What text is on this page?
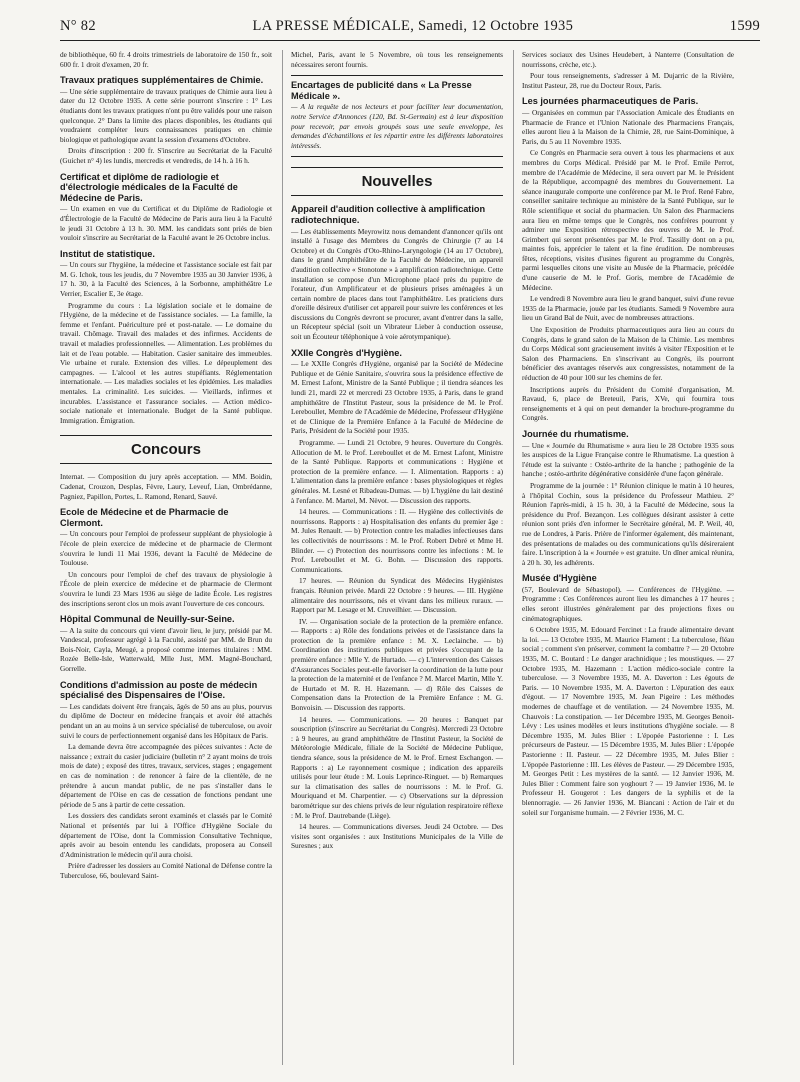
N° 82	LA PRESSE MÉDICALE, Samedi, 12 Octobre 1935	1599

de bibliothèque, 60 fr. 4 droits trimestriels de laboratoire de 150 fr., soit 600 fr. 1 droit d'examen, 20 fr.

Travaux pratiques supplémentaires de Chimie.

— Une série supplémentaire de travaux pratiques de Chimie aura lieu à dater du 12 Octobre 1935. A cette série pourront s'inscrire : 1° Les étudiants dont les travaux pratiques n'ont pu être validés pour une raison quelconque. 2° Dans la limite des places disponibles, les étudiants qui voudraient compléter leurs connaissances pratiques en chimie biologique et pathologique avant la session d'examens d'Octobre.

Droits d'inscription : 200 fr. S'inscrire au Secrétariat de la Faculté (Guichet n° 4) les lundis, mercredis et vendredis, de 14 h. à 16 h.

Certificat et diplôme de radiologie et d'électrologie médicales de la Faculté de Médecine de Paris.

— Un examen en vue du Certificat et du Diplôme de Radiologie et d'Électrologie de la Faculté de Médecine de Paris aura lieu à la Faculté le jeudi 31 Octobre à 13 h. 30. MM. les candidats sont priés de bien vouloir s'inscrire au Secrétariat de la Faculté avant le 26 Octobre inclus.

Institut de statistique.

— Un cours sur l'hygiène, la médecine et l'assistance sociale est fait par M. G. Ichok, tous les jeudis, du 7 Novembre 1935 au 30 Janvier 1936, à 17 h. 30, à la Faculté des Sciences, à la Sorbonne, amphithéâtre Le Verrier, Escalier E, 3e étage.

Programme du cours : La législation sociale et le domaine de l'Hygiène, de la médecine et de l'assistance sociales. — La famille, la femme et l'enfant. Puériculture pré et post-natale. — Le domaine du travail. Chômage. Travail des malades et des infirmes. Accidents de travail et maladies professionnelles. — Alimentation. Les problèmes du lait et de l'eau potable. — Habitation. Casier sanitaire des immeubles. Vie urbaine et rurale. Extension des villes. Le dépeuplement des campagnes. — L'alcool et les autres stupéfiants. Réglementation internationale. — Les maladies sociales et les épidémies. Les maladies mentales. La criminalité. Les suicides. — Vieillards, infirmes et incurables. L'assistance et l'assurance sociales. — Action médico-sociale nationale et internationale. Budget de la Santé publique. Immigration. Émigration.

Concours

Internat. — Composition du jury après acceptation. — MM. Boidin, Cadenat, Crouzon, Desplas, Fèvre, Laury, Leveuf, Lian, Ombrédanne, Pagniez, Papillon, Portes, L. Ramond, Renard, Sauvé.

Ecole de Médecine et de Pharmacie de Clermont.

— Un concours pour l'emploi de professeur suppléant de physiologie à l'école de plein exercice de médecine et de pharmacie de Clermont s'ouvrira le lundi 11 Mai 1936, devant la Faculté de Médecine de Toulouse.

Un concours pour l'emploi de chef des travaux de physiologie à l'École de plein exercice de médecine et de pharmacie de Clermont s'ouvrira le lundi 23 Mars 1936 au siège de ladite École. Les registres des inscriptions seront clos un mois avant l'ouverture de ces concours.

Hôpital Communal de Neuilly-sur-Seine.

— A la suite du concours qui vient d'avoir lieu, le jury, présidé par M. Vandescal, professeur agrégé à la Faculté, assisté par MM. de Brun du Bois-Noir, Cayla, Meugé, a proposé comme internes titulaires : MM. Rozée Belle-Isle, Watterwald, Mlle Just, MM. Magné-Bouchard, Gorrelle.

Conditions d'admission au poste de médecin spécialisé des Dispensaires de l'Oise.

— Les candidats doivent être français, âgés de 50 ans au plus, pourvus du diplôme de Docteur en médecine français et avoir été attachés pendant un an au moins à un service spécialisé de tuberculose, ou avoir suivi le cours de perfectionnement organisé dans les Hôpitaux de Paris.

La demande devra être accompagnée des pièces suivantes : Acte de naissance ; extrait du casier judiciaire (bulletin n° 2 ayant moins de trois mois de date) ; exposé des titres, travaux, services, stages ; engagement en cas de nomination : de renoncer à faire de la clientèle, de ne prétendre à aucun mandat public, de ne pas s'installer dans le département de l'Oise en cas de cessation de fonctions pendant une période de 5 ans à partir de cette cessation.

Les dossiers des candidats seront examinés et classés par le Comité National et présentés par lui à l'Office d'Hygiène Sociale du département de l'Oise, dont la Commission Consultative Technique, après avoir au besoin entendu les candidats, proposera au Conseil d'Administration le médecin qu'il aura choisi.

Prière d'adresser les dossiers au Comité National de Défense contre la Tuberculose, 66, boulevard Saint-

Michel, Paris, avant le 5 Novembre, où tous les renseignements nécessaires seront fournis.

Encartages de publicité dans « La Presse Médicale ».

— A la requête de nos lecteurs et pour faciliter leur documentation, notre Service d'Annonces (120, Bd. St-Germain) est à leur disposition pour recevoir, par envois groupés sous une seule enveloppe, les demandes d'échantillons et les répartir entre les différents laboratoires intéressés.

Nouvelles
Appareil d'audition collective à amplification radiotechnique.

— Les établissements Meyrowitz nous demandent d'annoncer qu'ils ont installé à l'usage des Membres du Congrès de Chirurgie (7 au 14 Octobre) et du Congrès d'Oto-Rhino-Laryngologie (14 au 17 Octobre), dans le grand Amphithéâtre de la Faculté de Médecine, un appareil d'audition collective « Stonotone » à amplification radiotechnique. Cette installation se compose d'un Microphone placé près du pupitre de l'orateur, d'un Amplificateur et de plusieurs prises aménagées à un certain nombre de places dans tout l'amphithéâtre. Les praticiens durs d'oreille désireux d'utiliser cet appareil pour suivre les conférences et les discussions du Congrès devront se procurer, avant d'entrer dans la salle, un Récepteur spécial (soit un Vibrateur Lieber à conduction osseuse, soit un Écouteur téléphonique à voie aérotympanique).

XXIIe Congrès d'Hygiène.

— Le XXIIe Congrès d'Hygiène, organisé par la Société de Médecine Publique et de Génie Sanitaire, s'ouvrira sous la présidence effective de M. Ernest Lafont, Ministre de la Santé Publique ; il tiendra séances les lundi 21, mardi 22 et mercredi 23 Octobre 1935, à Paris, dans le grand amphithéâtre de l'Institut Pasteur, sous la présidence de M. le Prof. Lereboullet, Membre de l'Académie de Médecine, Professeur d'Hygiène et de Clinique de la Première Enfance à la Faculté de Médecine de Paris, Président de la Société pour 1935.

Programme. — Lundi 21 Octobre, 9 heures. Ouverture du Congrès. Allocution de M. le Prof. Lereboullet et de M. Ernest Lafont, Ministre de la Santé Publique. Rapports et communications : Hygiène et protection de la première enfance. — I. Alimentation. Rapports : a) L'alimentation dans la première enfance : bases physiologiques et règles générales. M. Lesné et Ribadeau-Dumas. — b) L'hygiène du lait destiné à l'enfance. M. Martel, M. Nèvot. — Discussion des rapports.

14 heures. — Communications : II. — Hygiène des collectivités de nourrissons. Rapports : a) Hospitalisation des enfants du premier âge : M. Jules Renault. — b) Protection contre les maladies infectieuses dans les collectivités de nourrissons : M. le Prof. Robert Debré et Mme H. Blinder. — c) Protection des nourrissons contre les infections : M. le Prof. Lereboullet et M. G. Bohn. — Discussion des rapports. Communications.

17 heures. — Réunion du Syndicat des Médecins Hygiénistes français. Réunion privée. Mardi 22 Octobre : 9 heures. — III. Hygiène alimentaire des nourrissons, nés et vivant dans les milieux ruraux. — Rapport par M. Lesage et M. Cruveilhier. — Discussion.

IV. — Organisation sociale de la protection de la première enfance. — Rapports : a) Rôle des fondations privées et de l'assistance dans la protection de la première enfance : M. X. Leclainche. — b) Coordination des institutions publiques et privées s'occupant de la première enfance : Mlle Y. de Hurtado. — c) L'intervention des Caisses d'Assurances Sociales peut-elle favoriser la coordination de la lutte pour la protection de la maternité et de l'enfance ? M. Marcel Martin, Mlle Y. de Hurtado et M. R. H. Hazemann. — d) Rôle des Caisses de Compensation dans la Protection de la Première Enfance : M. G. Bonvoisin. — Discussion des rapports.

14 heures. — Communications. — 20 heures : Banquet par souscription (s'inscrire au Secrétariat du Congrès). Mercredi 23 Octobre : à 9 heures, au grand amphithéâtre de l'Institut Pasteur, la Société de Météorologie Médicale, filiale de la Société de Médecine Publique, tiendra séance, sous la présidence de M. le Prof. Ernest Eschangon. — Rapports : a) Le rayonnement cosmique ; indication des appareils utilisés pour leur étude : M. Louis Leprince-Ringuet. — b) Remarques sur la climatisation des salles de nourrissons : M. le Prof. G. Mouriquand et M. Charpentier. — c) Observations sur la dépression barométrique sur des chiens privés de leur régulation respiratoire réflexe : M. le Prof. Dautrebande (Liège).

14 heures. — Communications diverses. Jeudi 24 Octobre. — Des visites sont organisées : aux Institutions Municipales de la Ville de Suresnes ; aux

Services sociaux des Usines Heudebert, à Nanterre (Consultation de nourrissons, crèche, etc.).

Pour tous renseignements, s'adresser à M. Dujarric de la Rivière, Institut Pasteur, 28, rue du Docteur Roux, Paris.

Les journées pharmaceutiques de Paris.

— Organisées en commun par l'Association Amicale des Étudiants en Pharmacie de France et l'Union Nationale des Pharmaciens Français, elles auront lieu à la Maison de la Chimie, 28, rue Saint-Dominique, à Paris, du 5 au 11 Novembre 1935.

Ce Congrès en Pharmacie sera ouvert à tous les pharmaciens et aux membres du Corps Médical. Présidé par M. le Prof. Emile Perrot, membre de l'Académie de Médecine, il sera ouvert par M. le Président de la République, accompagné des membres du Gouvernement. La séance inaugurale comporte une conférence par M. le Prof. René Fabre, conseiller sanitaire technique au ministère de la Santé Publique, sur le Rôle scientifique et social du pharmacien. Un Salon des Pharmaciens aura lieu en même temps que le Congrès, nos confrères pourront y admirer une Exposition rétrospective des œuvres de M. le Prof. Grimbert qui seront présentées par M. le Prof. Tassilly dont on a pu, maintes fois, apprécier le talent et la fine érudition. De nombreuses fêtes, réceptions, visites d'usines figurent au programme du Congrès, parmi lesquelles citons une visite au Musée de la Pharmacie, précédée d'une causerie de M. le Prof. Goris, membre de l'Académie de Médecine.

Le vendredi 8 Novembre aura lieu le grand banquet, suivi d'une revue 1935 de la Pharmacie, jouée par les étudiants. Samedi 9 Novembre aura lieu un Grand Bal de Nuit, avec de nombreuses attractions.

Une Exposition de Produits pharmaceutiques aura lieu au cours du Congrès, dans le grand salon de la Maison de la Chimie. Les membres du Corps Médical sont gracieusement invités à visiter l'Exposition et le Salon des Pharmaciens. En s'inscrivant au Congrès, ils pourront bénéficier des avantages réservés aux congressistes, notamment de la réduction de 40 pour 100 sur les chemins de fer.

Inscriptions auprès du Président du Comité d'organisation, M. Ravaud, 6, place de Breteuil, Paris, XVe, qui fournira tous renseignements et à qui on peut demander la brochure-programme du Congrès.

Journée du rhumatisme.

— Une « Journée du Rhumatisme » aura lieu le 28 Octobre 1935 sous les auspices de la Ligue Française contre le Rhumatisme. La question à l'étude est la suivante : Ostéo-arthrite de la hanche ; pathogénie de la hanche ; ostéo-arthrite dégénérative considérée d'une façon générale.

Programme de la journée : 1° Réunion clinique le matin à 10 heures, à l'hôpital Cochin, sous la présidence du Professeur Mathieu. 2° Réunion l'après-midi, à 15 h. 30, à la Faculté de Médecine, sous la présidence du Prof. Bezançon. Les collègues désirant assister à cette réunion sont priés d'en informer le Secrétaire général, M. P. Weil, 40, rue de Londres, à Paris. Prière de l'informer également, dès maintenant, des présentations de malades ou des communications qu'ils désireraient faire. L'inscription à la « Journée » est gratuite. Un dîner amical réunira, à 20 h. 30, les adhérents.

Musée d'Hygiène

(57, Boulevard de Sébastopol). — Conférences de l'Hygiène. — Programme : Ces Conférences auront lieu les dimanches à 17 heures ; elles seront illustrées généralement par des projections fixes ou cinématographiques.

6 Octobre 1935, M. Edouard Fercinet : La fraude alimentaire devant la loi. — 13 Octobre 1935, M. Maurice Flament : La tuberculose, fléau social ; comment s'en préserver, comment la combattre ? — 20 Octobre 1935, M. C. Boutard : Le danger arachnidique ; les moustiques. — 27 Octobre 1935, M. Hazemann : L'action médico-sociale contre la tuberculose. — 3 Novembre 1935, M. A. Daverton : Les égouts de Paris. — 10 Novembre 1935, M. A. Daverton : L'épuration des eaux d'égout. — 17 Novembre 1935, M. Jean Pigeire : Les méthodes modernes de chauffage et de ventilation. — 24 Novembre 1935, M. Chauvois : La constipation. — 1er Décembre 1935, M. Georges Benoit-Lévy : Les usines modèles et leurs institutions d'hygiène sociale. — 8 Décembre 1935, M. Jules Blier : L'épopée Pastorienne : I. Les précurseurs de Pasteur. — 15 Décembre 1935, M. Jules Blier : L'épopée Pastorienne : II. Pasteur. — 22 Décembre 1935, M. Jules Blier : L'épopée Pastorienne : III. Les élèves de Pasteur. — 29 Décembre 1935, M. Georges Petit : Les mystères de la santé. — 12 Janvier 1936, M. Jules Blier : Comment faire son yoghourt ? — 19 Janvier 1936, M. le Professeur H. Gougerot : Les dangers de la syphilis et de la blennorragie. — 26 Janvier 1936, M. Biancani : Action de l'air et du soleil sur l'organisme humain. — 2 Février 1936, M. C.
